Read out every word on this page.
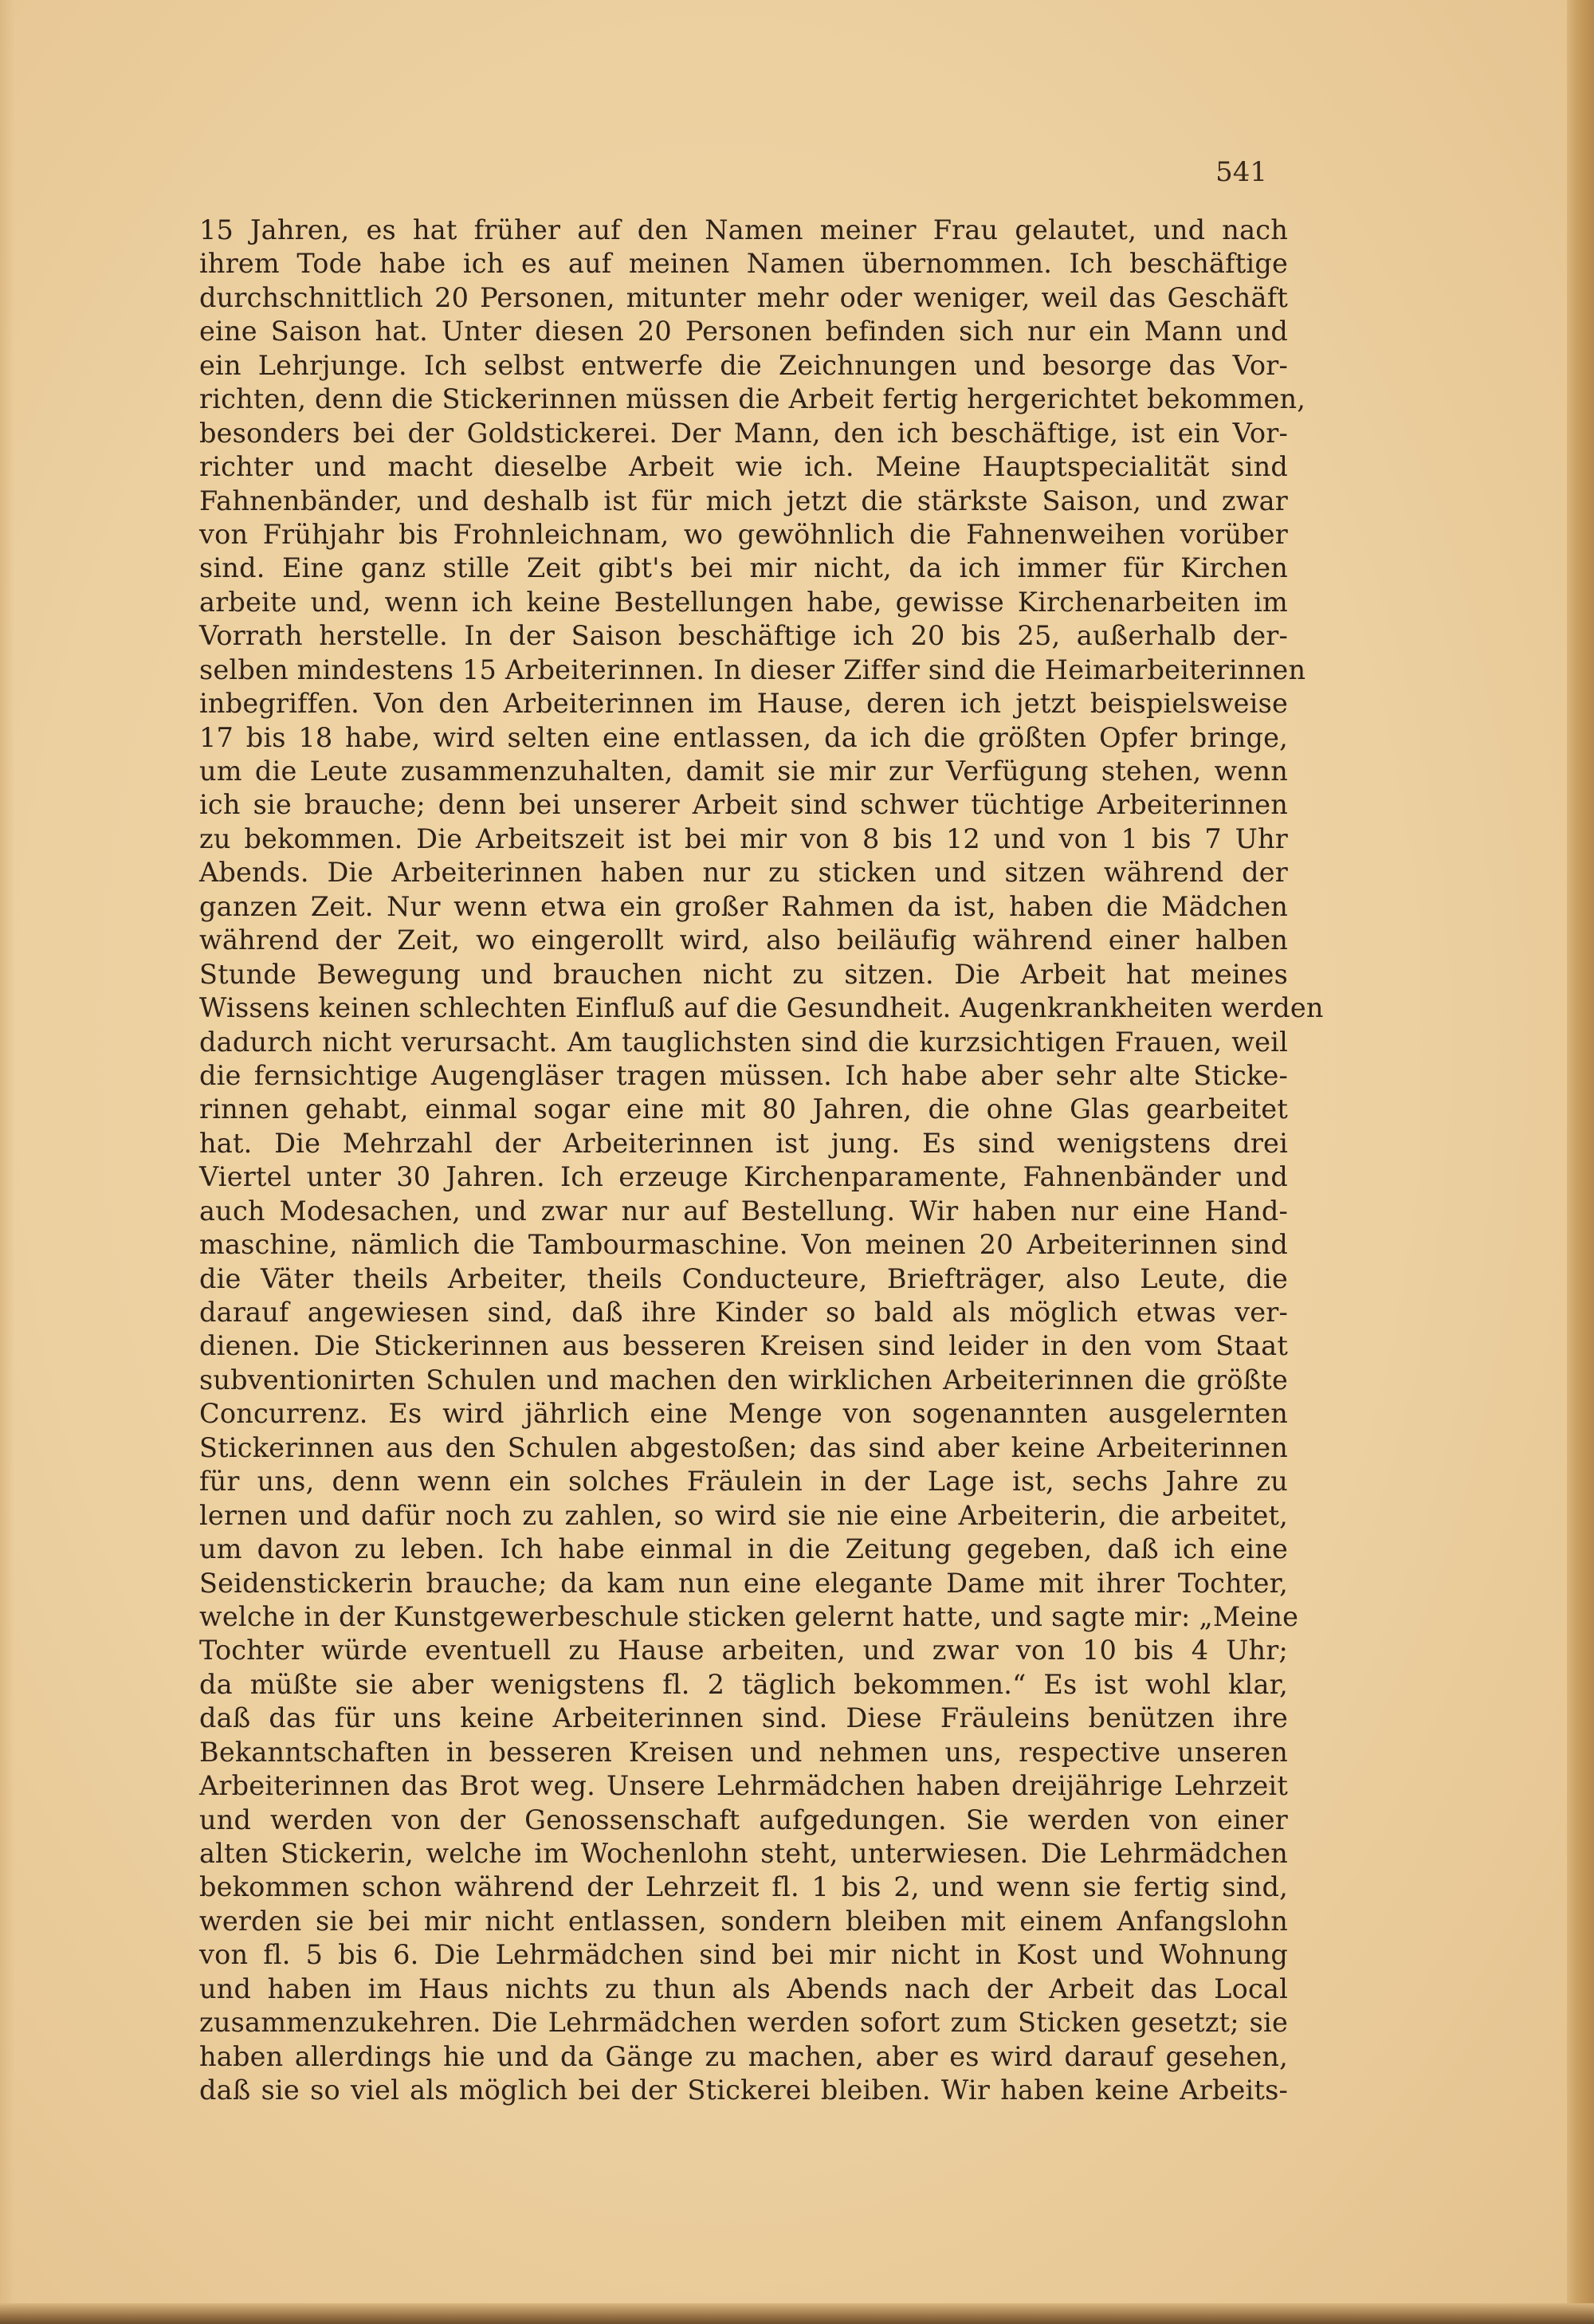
541
15 Jahren, es hat früher auf den Namen meiner Frau gelautet, und nach
ihrem Tode habe ich es auf meinen Namen übernommen. Ich beschäftige
durchschnittlich 20 Personen, mitunter mehr oder weniger, weil das Geschäft
eine Saison hat. Unter diesen 20 Personen befinden sich nur ein Mann und
ein Lehrjunge. Ich selbst entwerfe die Zeichnungen und besorge das Vor-
richten, denn die Stickerinnen müssen die Arbeit fertig hergerichtet bekommen,
besonders bei der Goldstickerei. Der Mann, den ich beschäftige, ist ein Vor-
richter und macht dieselbe Arbeit wie ich. Meine Hauptspecialität sind
Fahnenbänder, und deshalb ist für mich jetzt die stärkste Saison, und zwar
von Frühjahr bis Frohnleichnam, wo gewöhnlich die Fahnenweihen vorüber
sind. Eine ganz stille Zeit gibt's bei mir nicht, da ich immer für Kirchen
arbeite und, wenn ich keine Bestellungen habe, gewisse Kirchenarbeiten im
Vorrath herstelle. In der Saison beschäftige ich 20 bis 25, außerhalb der-
selben mindestens 15 Arbeiterinnen. In dieser Ziffer sind die Heimarbeiterinnen
inbegriffen. Von den Arbeiterinnen im Hause, deren ich jetzt beispielsweise
17 bis 18 habe, wird selten eine entlassen, da ich die größten Opfer bringe,
um die Leute zusammenzuhalten, damit sie mir zur Verfügung stehen, wenn
ich sie brauche; denn bei unserer Arbeit sind schwer tüchtige Arbeiterinnen
zu bekommen. Die Arbeitszeit ist bei mir von 8 bis 12 und von 1 bis 7 Uhr
Abends. Die Arbeiterinnen haben nur zu sticken und sitzen während der
ganzen Zeit. Nur wenn etwa ein großer Rahmen da ist, haben die Mädchen
während der Zeit, wo eingerollt wird, also beiläufig während einer halben
Stunde Bewegung und brauchen nicht zu sitzen. Die Arbeit hat meines
Wissens keinen schlechten Einfluß auf die Gesundheit. Augenkrankheiten werden
dadurch nicht verursacht. Am tauglichsten sind die kurzsichtigen Frauen, weil
die fernsichtige Augengläser tragen müssen. Ich habe aber sehr alte Sticke-
rinnen gehabt, einmal sogar eine mit 80 Jahren, die ohne Glas gearbeitet
hat. Die Mehrzahl der Arbeiterinnen ist jung. Es sind wenigstens drei
Viertel unter 30 Jahren. Ich erzeuge Kirchenparamente, Fahnenbänder und
auch Modesachen, und zwar nur auf Bestellung. Wir haben nur eine Hand-
maschine, nämlich die Tambourmaschine. Von meinen 20 Arbeiterinnen sind
die Väter theils Arbeiter, theils Conducteure, Briefträger, also Leute, die
darauf angewiesen sind, daß ihre Kinder so bald als möglich etwas ver-
dienen. Die Stickerinnen aus besseren Kreisen sind leider in den vom Staat
subventionirten Schulen und machen den wirklichen Arbeiterinnen die größte
Concurrenz. Es wird jährlich eine Menge von sogenannten ausgelernten
Stickerinnen aus den Schulen abgestoßen; das sind aber keine Arbeiterinnen
für uns, denn wenn ein solches Fräulein in der Lage ist, sechs Jahre zu
lernen und dafür noch zu zahlen, so wird sie nie eine Arbeiterin, die arbeitet,
um davon zu leben. Ich habe einmal in die Zeitung gegeben, daß ich eine
Seidenstickerin brauche; da kam nun eine elegante Dame mit ihrer Tochter,
welche in der Kunstgewerbeschule sticken gelernt hatte, und sagte mir: „Meine
Tochter würde eventuell zu Hause arbeiten, und zwar von 10 bis 4 Uhr;
da müßte sie aber wenigstens fl. 2 täglich bekommen.“ Es ist wohl klar,
daß das für uns keine Arbeiterinnen sind. Diese Fräuleins benützen ihre
Bekanntschaften in besseren Kreisen und nehmen uns, respective unseren
Arbeiterinnen das Brot weg. Unsere Lehrmädchen haben dreijährige Lehrzeit
und werden von der Genossenschaft aufgedungen. Sie werden von einer
alten Stickerin, welche im Wochenlohn steht, unterwiesen. Die Lehrmädchen
bekommen schon während der Lehrzeit fl. 1 bis 2, und wenn sie fertig sind,
werden sie bei mir nicht entlassen, sondern bleiben mit einem Anfangslohn
von fl. 5 bis 6. Die Lehrmädchen sind bei mir nicht in Kost und Wohnung
und haben im Haus nichts zu thun als Abends nach der Arbeit das Local
zusammenzukehren. Die Lehrmädchen werden sofort zum Sticken gesetzt; sie
haben allerdings hie und da Gänge zu machen, aber es wird darauf gesehen,
daß sie so viel als möglich bei der Stickerei bleiben. Wir haben keine Arbeits-
